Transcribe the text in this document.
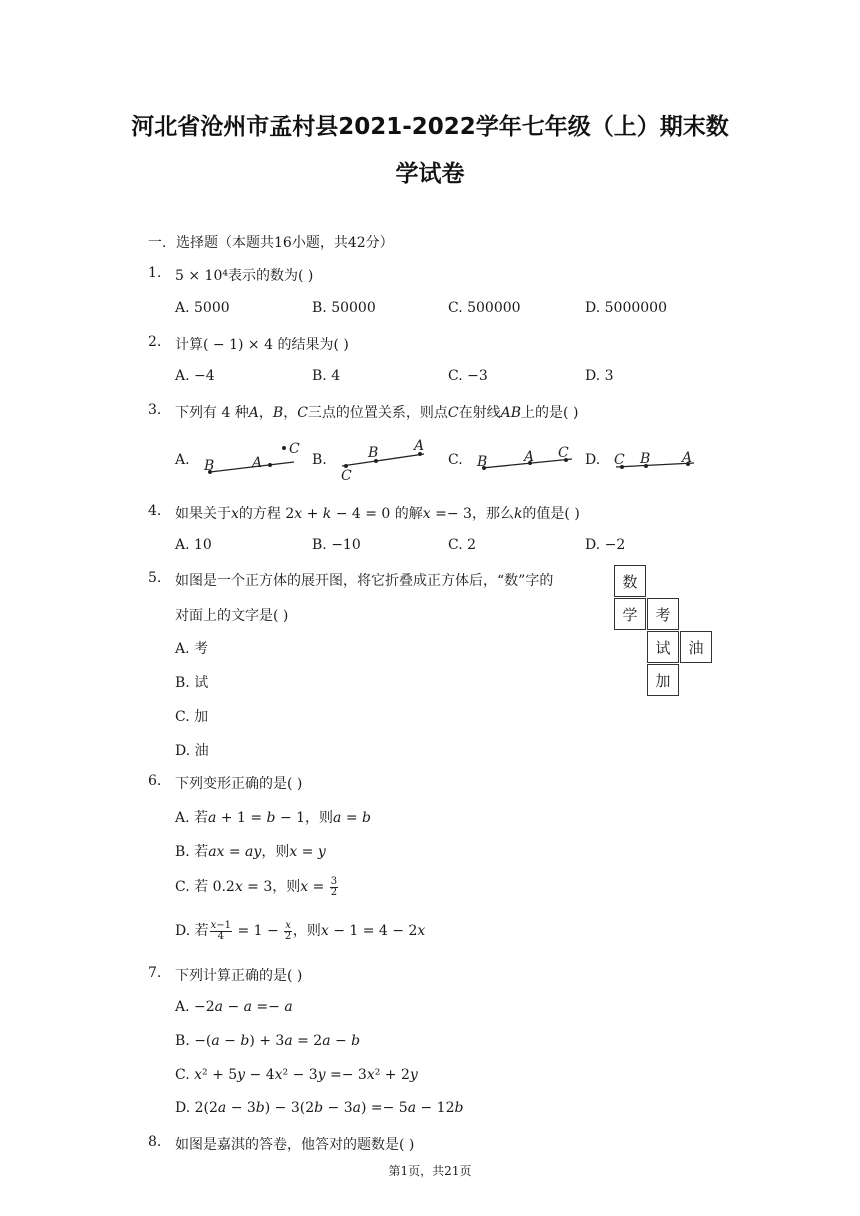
河北省沧州市孟村县2021-2022学年七年级（上）期末数
学试卷
一．选择题（本题共16小题，共42分）
1. 5 × 10⁴表示的数为( )
A. 5000	B. 50000	C. 500000	D. 5000000
2. 计算( − 1) × 4 的结果为( )
A. −4	B. 4	C. −3	D. 3
3. 下列有 4 种𝐴，𝐵，𝐶三点的位置关系，则点𝐶在射线𝐴𝐵上的是( )
A.	B.	C.	D.
B	A
C	B	A
C
B	A C	C B A
4. 如果关于𝑥的方程 2𝑥 + 𝑘 − 4 = 0 的解𝑥 =− 3，那么𝑘的值是( )
A. 10	B. −10	C. 2	D. −2
5. 如图是一个正方体的展开图，将它折叠成正方体后，“数”字的
对面上的文字是( )
A. 考
B. 试
C. 加
D. 油
数
学	考
试	油
加
6. 下列变形正确的是( )
A. 若𝑎 + 1 = 𝑏 − 1，则𝑎 = 𝑏
B. 若𝑎𝑥 = 𝑎𝑦，则𝑥 = 𝑦
C. 若 0.2𝑥 = 3，则𝑥 = $\frac{3}{2}$
D. 若 $\frac{\text{𝑥−1}}{4} = 1 - \frac{\text{𝑥}}{2}$ ，则𝑥 − 1 = 4 − 2𝑥
7. 下列计算正确的是( )
A. −2𝑎 − 𝑎 =− 𝑎
B. −(𝑎 − 𝑏) + 3𝑎 = 2𝑎 − 𝑏
C. 𝑥² + 5𝑦 − 4𝑥² − 3𝑦 =− 3𝑥² + 2𝑦
D. 2(2𝑎 − 3𝑏) − 3(2𝑏 − 3𝑎) =− 5𝑎 − 12𝑏
8. 如图是嘉淇的答卷，他答对的题数是( )
第1页，共21页
